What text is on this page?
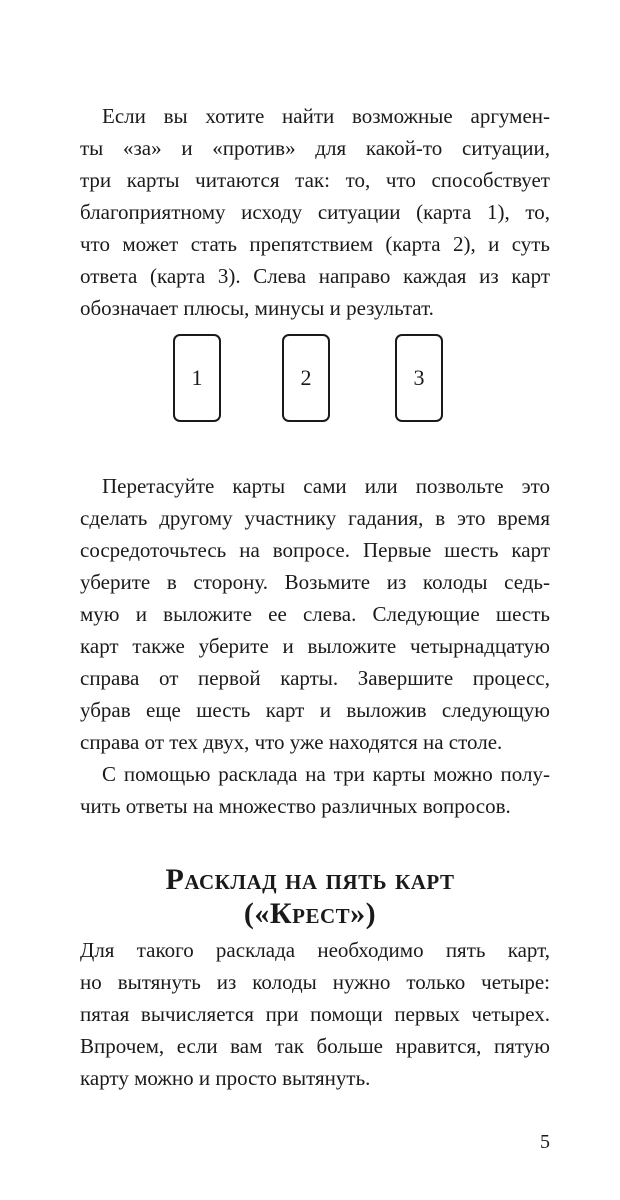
Если вы хотите найти возможные аргумен-
ты «за» и «против» для какой-то ситуации,
три карты читаются так: то, что способствует
благоприятному исходу ситуации (карта 1), то,
что может стать препятствием (карта 2), и суть
ответа (карта 3). Слева направо каждая из карт
обозначает плюсы, минусы и результат.
1	2	3
Перетасуйте карты сами или позвольте это
сделать другому участнику гадания, в это время
сосредоточьтесь на вопросе. Первые шесть карт
уберите в сторону. Возьмите из колоды седь-
мую и выложите ее слева. Следующие шесть
карт также уберите и выложите четырнадцатую
справа от первой карты. Завершите процесс,
убрав еще шесть карт и выложив следующую
справа от тех двух, что уже находятся на столе.
С помощью расклада на три карты можно полу-
чить ответы на множество различных вопросов.
Расклад на пять карт
(«Крест»)
Для такого расклада необходимо пять карт,
но вытянуть из колоды нужно только четыре:
пятая вычисляется при помощи первых четырех.
Впрочем, если вам так больше нравится, пятую
карту можно и просто вытянуть.
5
